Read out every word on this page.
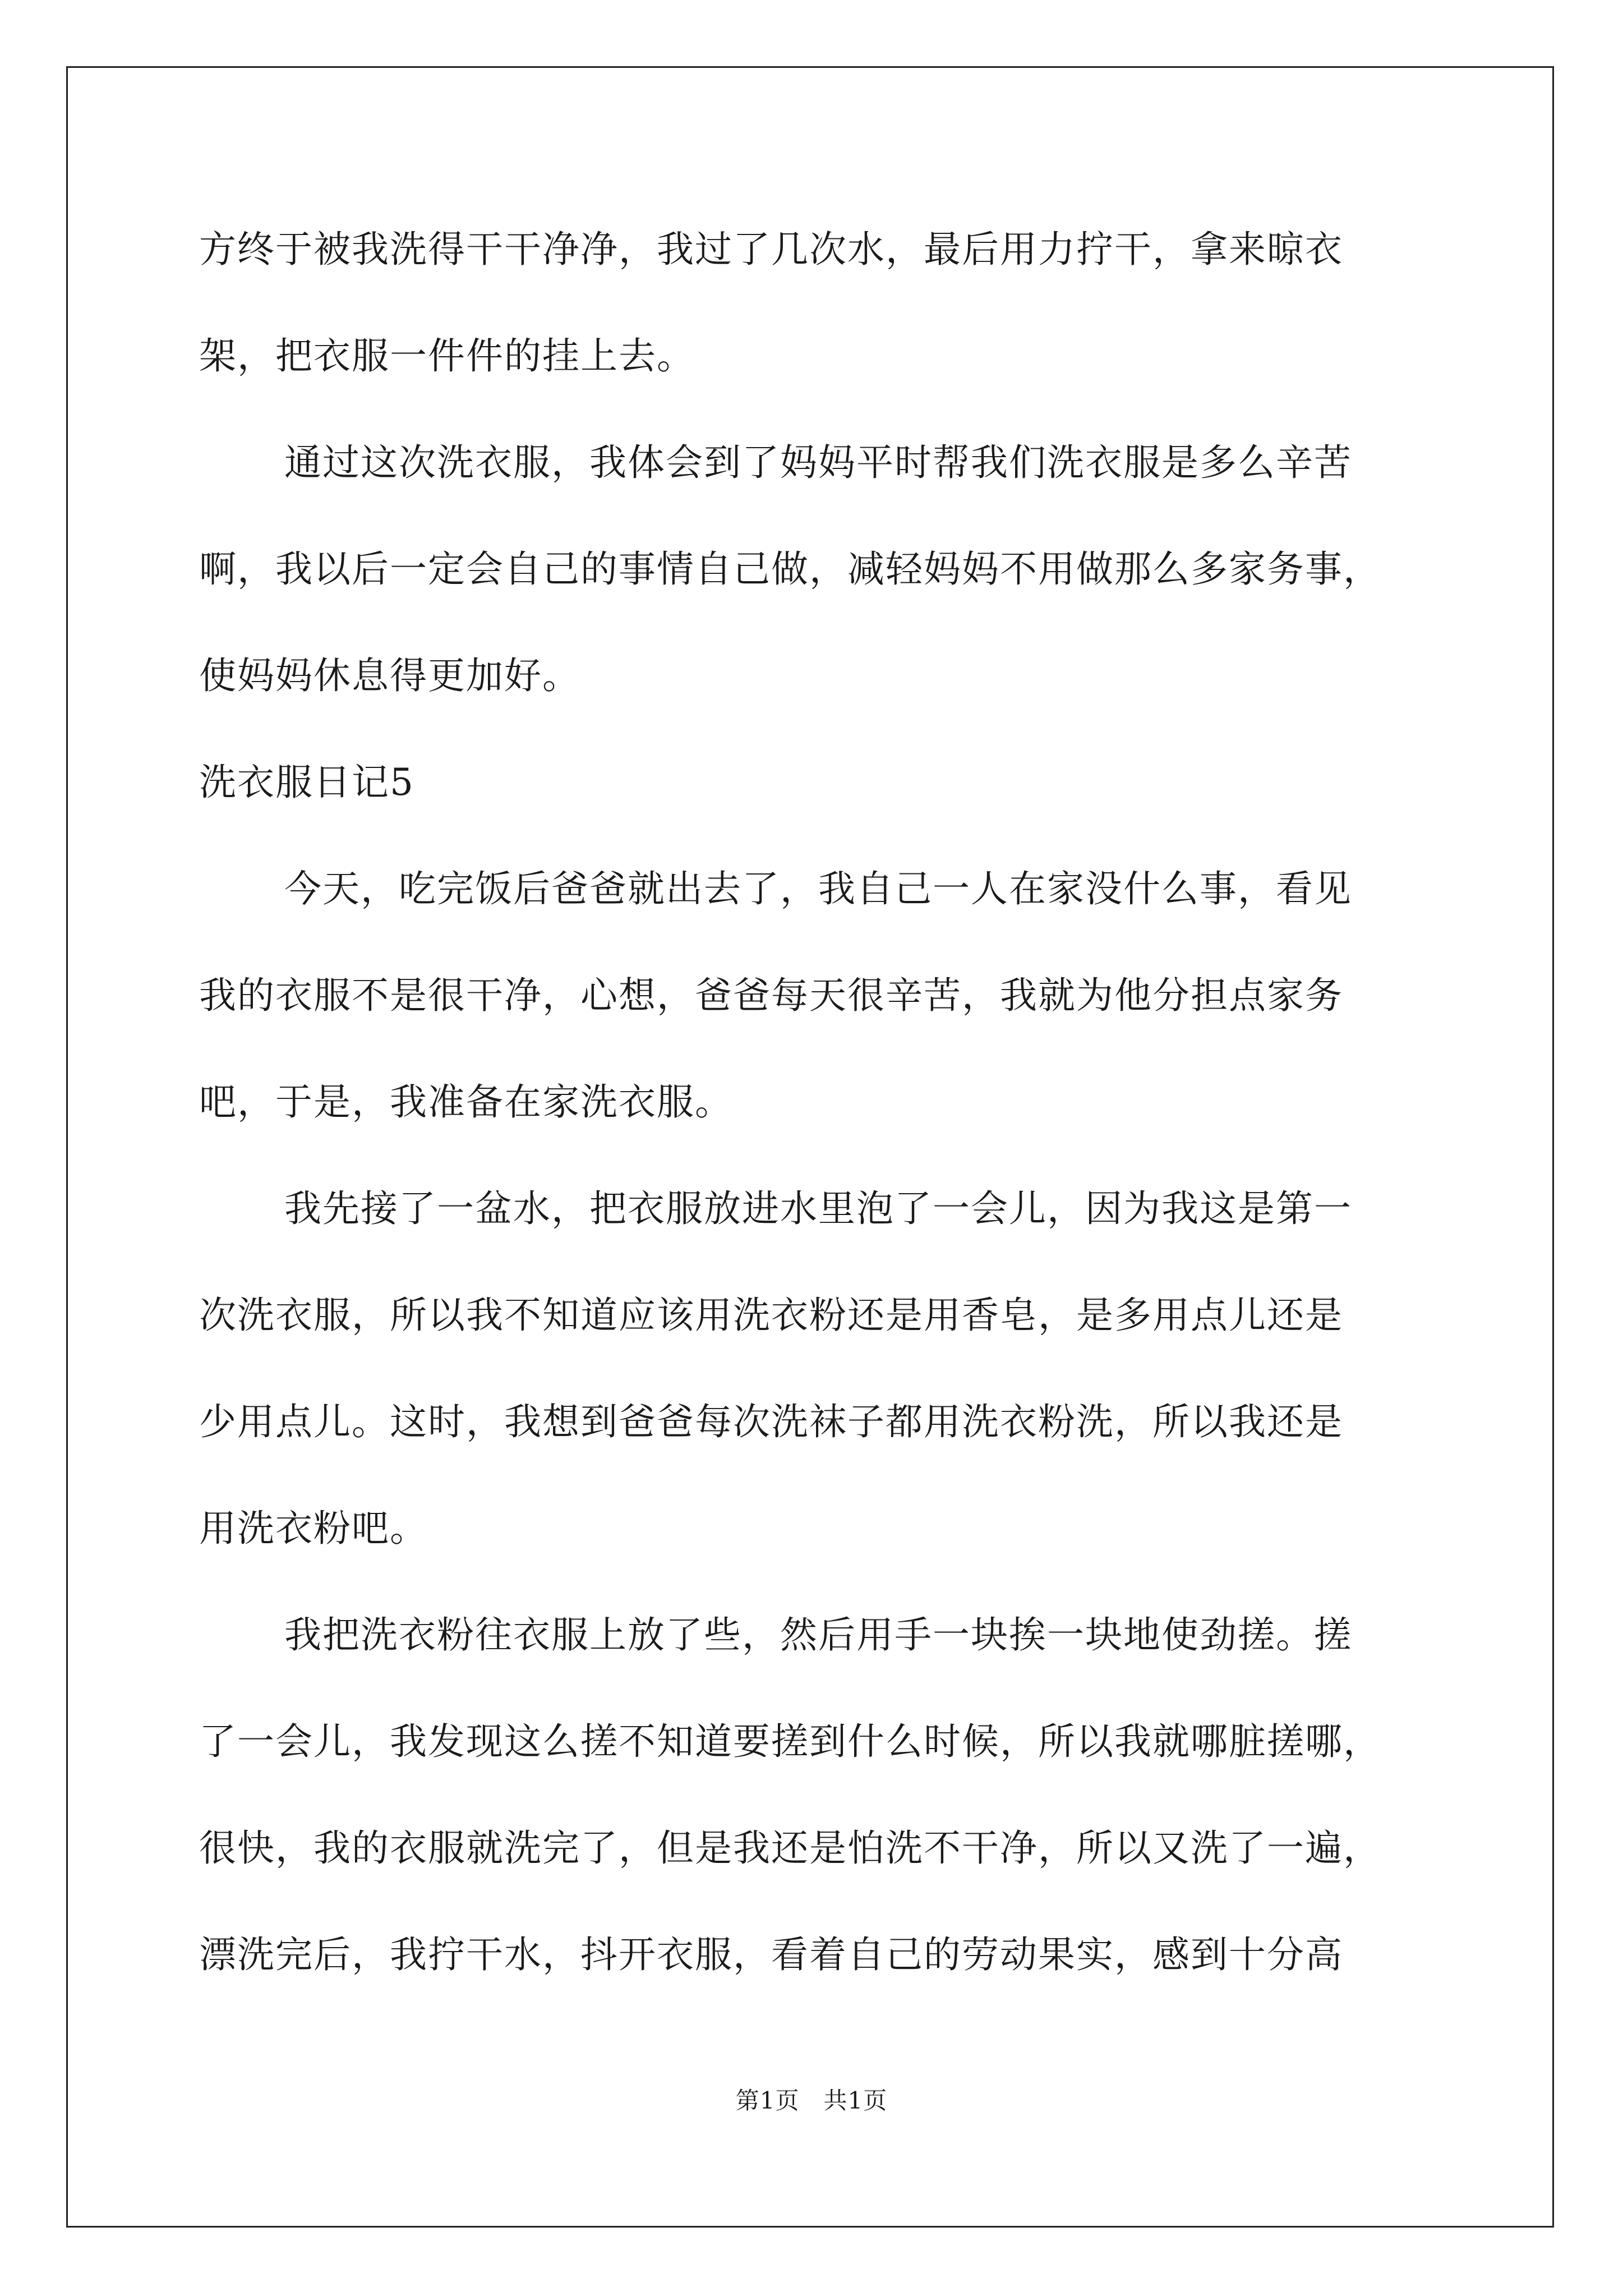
方终于被我洗得干干净净，我过了几次水，最后用力拧干，拿来晾衣
架，把衣服一件件的挂上去。
通过这次洗衣服，我体会到了妈妈平时帮我们洗衣服是多么辛苦
啊，我以后一定会自己的事情自己做，减轻妈妈不用做那么多家务事，
使妈妈休息得更加好。
洗衣服日记5
今天，吃完饭后爸爸就出去了，我自己一人在家没什么事，看见
我的衣服不是很干净，心想，爸爸每天很辛苦，我就为他分担点家务
吧，于是，我准备在家洗衣服。
我先接了一盆水，把衣服放进水里泡了一会儿，因为我这是第一
次洗衣服，所以我不知道应该用洗衣粉还是用香皂，是多用点儿还是
少用点儿。这时，我想到爸爸每次洗袜子都用洗衣粉洗，所以我还是
用洗衣粉吧。
我把洗衣粉往衣服上放了些，然后用手一块挨一块地使劲搓。搓
了一会儿，我发现这么搓不知道要搓到什么时候，所以我就哪脏搓哪，
很快，我的衣服就洗完了，但是我还是怕洗不干净，所以又洗了一遍，
漂洗完后，我拧干水，抖开衣服，看着自己的劳动果实，感到十分高
第1页　共1页
